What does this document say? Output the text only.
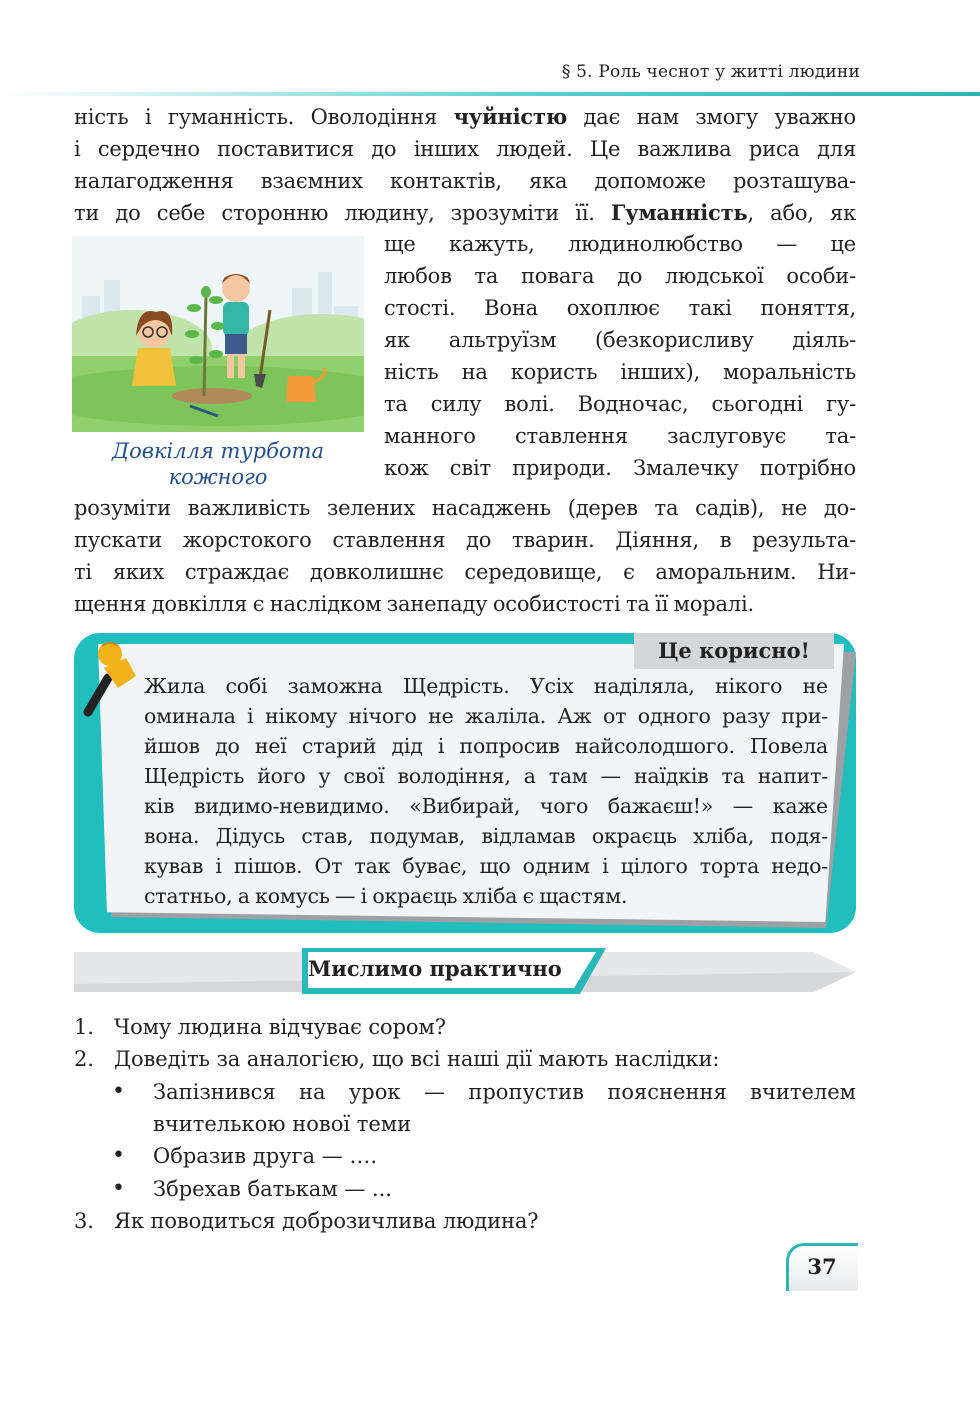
§ 5. Роль чеснот у житті людини
ність і гуманність. Оволодіння чуйністю дає нам змогу уважно
і сердечно поставитися до інших людей. Це важлива риса для
налагодження взаємних контактів, яка допоможе розташува-
ти до себе сторонню людину, зрозуміти її. Гуманність, або, як
ще кажуть, людинолюбство — це
любов та повага до людської особи-
стості. Вона охоплює такі поняття,
як альтруїзм (безкорисливу діяль-
ність на користь інших), моральність
та силу волі. Водночас, сьогодні гу-
манного ставлення заслуговує та-
кож світ природи. Змалечку потрібно
розуміти важливість зелених насаджень (дерев та садів), не до-
пускати жорстокого ставлення до тварин. Діяння, в результа-
ті яких страждає довколишнє середовище, є аморальним. Ни-
щення довкілля є наслідком занепаду особистості та її моралі.
Довкілля турбота
кожного
Це корисно!
Жила собі заможна Щедрість. Усіх наділяла, нікого не
оминала і нікому нічого не жаліла. Аж от одного разу при-
йшов до неї старий дід і попросив найсолодшого. Повела
Щедрість його у свої володіння, а там — наїдків та напит-
ків видимо-невидимо. «Вибирай, чого бажаєш!» — каже
вона. Дідусь став, подумав, відламав окраєць хліба, подя-
кував і пішов. От так буває, що одним і цілого торта недо-
статньо, а комусь — і окраєць хліба є щастям.
Мислимо практично
1. Чому людина відчуває сором?
2. Доведіть за аналогією, що всі наші дії мають наслідки:
•	Запізнився на урок — пропустив пояснення вчителем
вчителькою нової теми
•	Образив друга — ….
•	Збрехав батькам — ...
3. Як поводиться доброзичлива людина?
37
